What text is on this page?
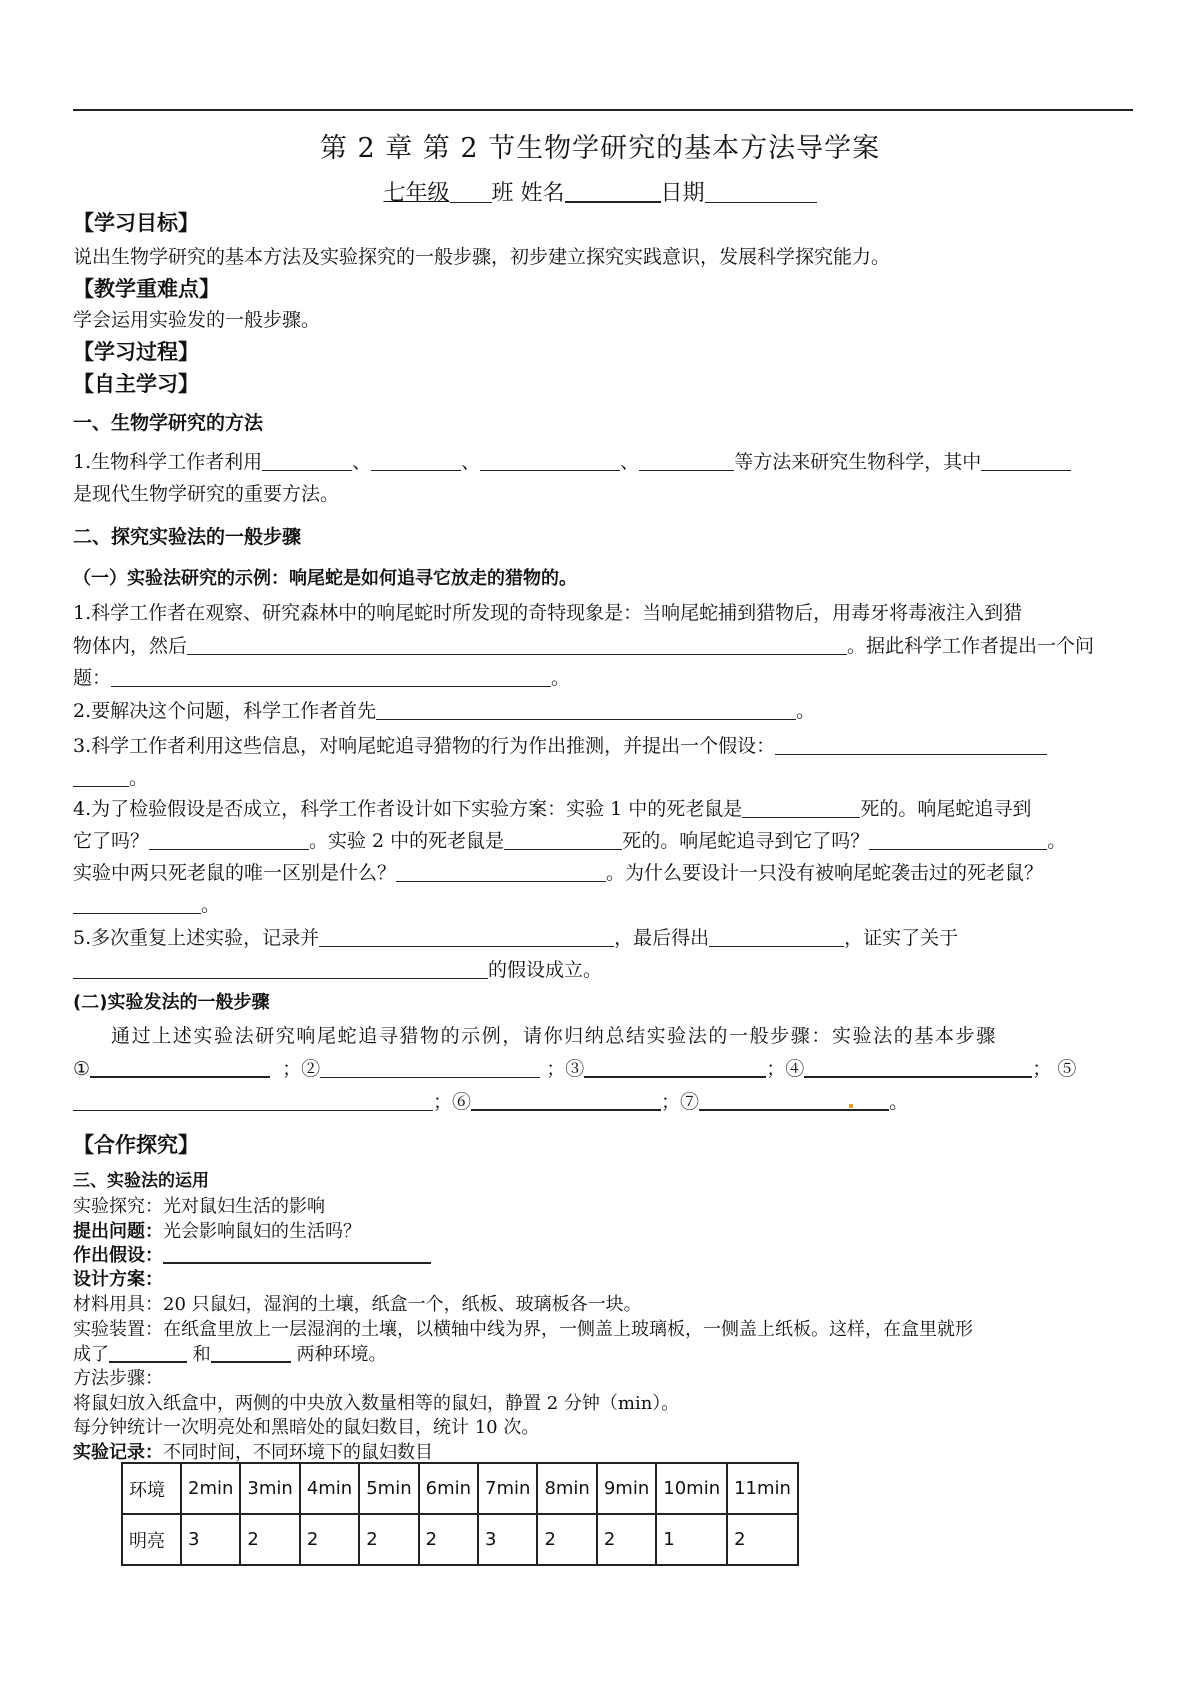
第 2 章 第 2 节生物学研究的基本方法导学案
七年级 班 姓名	日期
【学习目标】
说出生物学研究的基本方法及实验探究的一般步骤，初步建立探究实践意识，发展科学探究能力。
【教学重难点】
学会运用实验发的一般步骤。
【学习过程】
【自主学习】
一、生物学研究的方法
1.生物科学工作者利用	、	、	、	等方法来研究生物科学，其中
是现代生物学研究的重要方法。
二、探究实验法的一般步骤
（一）实验法研究的示例：响尾蛇是如何追寻它放走的猎物的。
1.科学工作者在观察、研究森林中的响尾蛇时所发现的奇特现象是：当响尾蛇捕到猎物后，用毒牙将毒液注入到猎
物体内，然后	。据此科学工作者提出一个问
题：	。
2.要解决这个问题，科学工作者首先	。
3.科学工作者利用这些信息，对响尾蛇追寻猎物的行为作出推测，并提出一个假设：
。
4.为了检验假设是否成立，科学工作者设计如下实验方案：实验 1 中的死老鼠是	死的。响尾蛇追寻到
它了吗？	。实验 2 中的死老鼠是	死的。响尾蛇追寻到它了吗？	。
实验中两只死老鼠的唯一区别是什么？	。为什么要设计一只没有被响尾蛇袭击过的死老鼠？
。
5.多次重复上述实验，记录并	，最后得出	，证实了关于
的假设成立。
(二)实验发法的一般步骤
通过上述实验法研究响尾蛇追寻猎物的示例，请你归纳总结实验法的一般步骤：实验法的基本步骤
①	；②	；③	；④	； ⑤
；⑥	；⑦	。
【合作探究】
三、实验法的运用
实验探究：光对鼠妇生活的影响
提出问题：光会影响鼠妇的生活吗？
作出假设：
设计方案：
材料用具：20 只鼠妇，湿润的土壤，纸盒一个，纸板、玻璃板各一块。
实验装置：在纸盒里放上一层湿润的土壤，以横轴中线为界，一侧盖上玻璃板，一侧盖上纸板。这样，在盒里就形
成了	和	两种环境。
方法步骤：
将鼠妇放入纸盒中，两侧的中央放入数量相等的鼠妇，静置 2 分钟（min）。
每分钟统计一次明亮处和黑暗处的鼠妇数目，统计 10 次。
实验记录：不同时间，不同环境下的鼠妇数目
环境	2min	3min	4min	5min	6min	7min	8min	9min	10min	11min
明亮	3	2	2	2	2	3	2	2	1	2
